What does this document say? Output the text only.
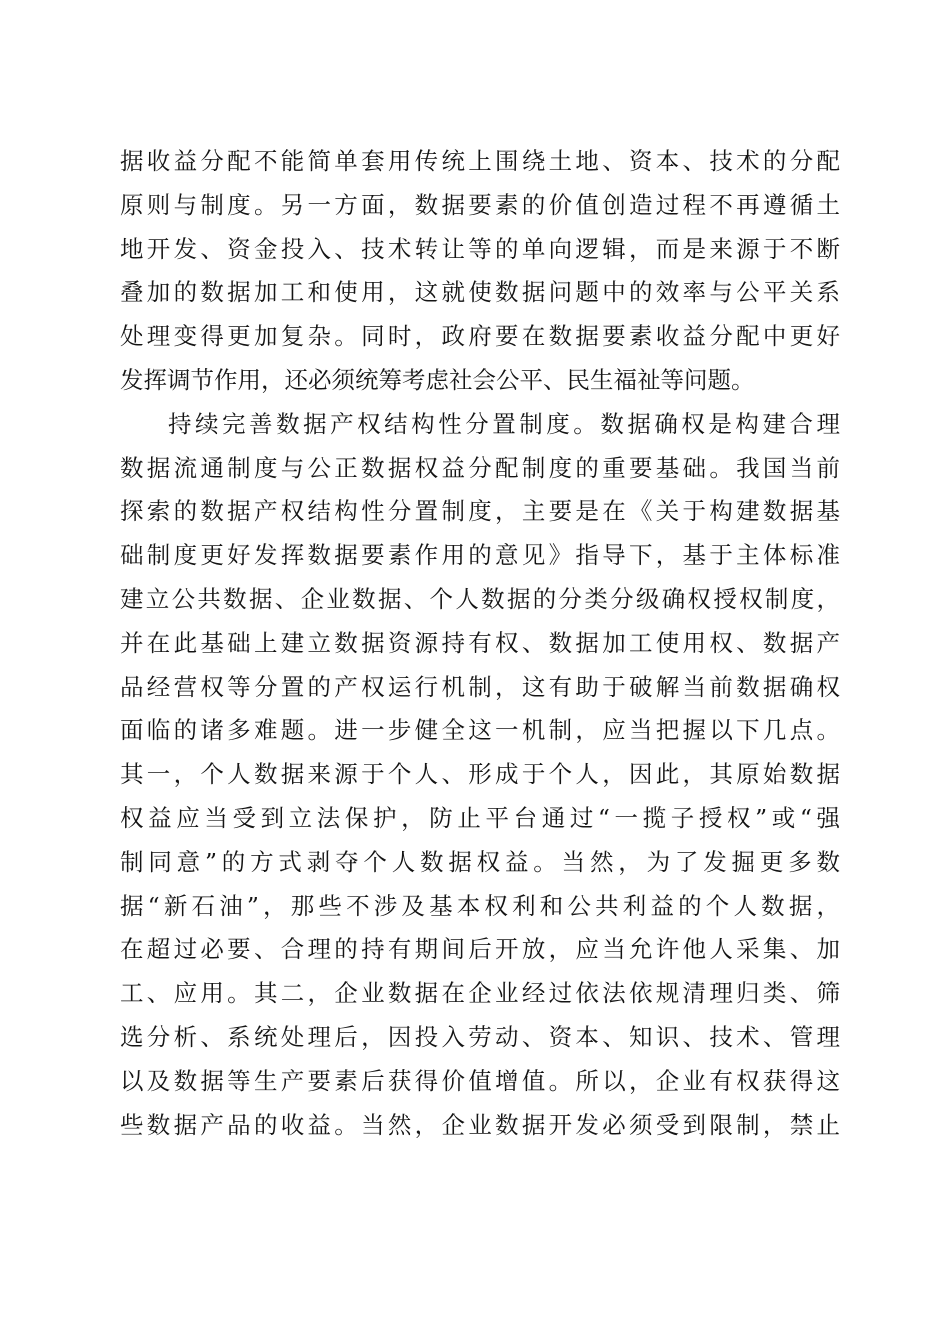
据收益分配不能简单套用传统上围绕土地、资本、技术的分配
原则与制度。另一方面，数据要素的价值创造过程不再遵循土
地开发、资金投入、技术转让等的单向逻辑，而是来源于不断
叠加的数据加工和使用，这就使数据问题中的效率与公平关系
处理变得更加复杂。同时，政府要在数据要素收益分配中更好
发挥调节作用，还必须统筹考虑社会公平、民生福祉等问题。
持续完善数据产权结构性分置制度。数据确权是构建合理
数据流通制度与公正数据权益分配制度的重要基础。我国当前
探索的数据产权结构性分置制度，主要是在《关于构建数据基
础制度更好发挥数据要素作用的意见》指导下，基于主体标准
建立公共数据、企业数据、个人数据的分类分级确权授权制度，
并在此基础上建立数据资源持有权、数据加工使用权、数据产
品经营权等分置的产权运行机制，这有助于破解当前数据确权
面临的诸多难题。进一步健全这一机制，应当把握以下几点。
其一，个人数据来源于个人、形成于个人，因此，其原始数据
权益应当受到立法保护，防止平台通过“一揽子授权”或“强
制同意”的方式剥夺个人数据权益。当然，为了发掘更多数
据“新石油”，那些不涉及基本权利和公共利益的个人数据，
在超过必要、合理的持有期间后开放，应当允许他人采集、加
工、应用。其二，企业数据在企业经过依法依规清理归类、筛
选分析、系统处理后，因投入劳动、资本、知识、技术、管理
以及数据等生产要素后获得价值增值。所以，企业有权获得这
些数据产品的收益。当然，企业数据开发必须受到限制，禁止
